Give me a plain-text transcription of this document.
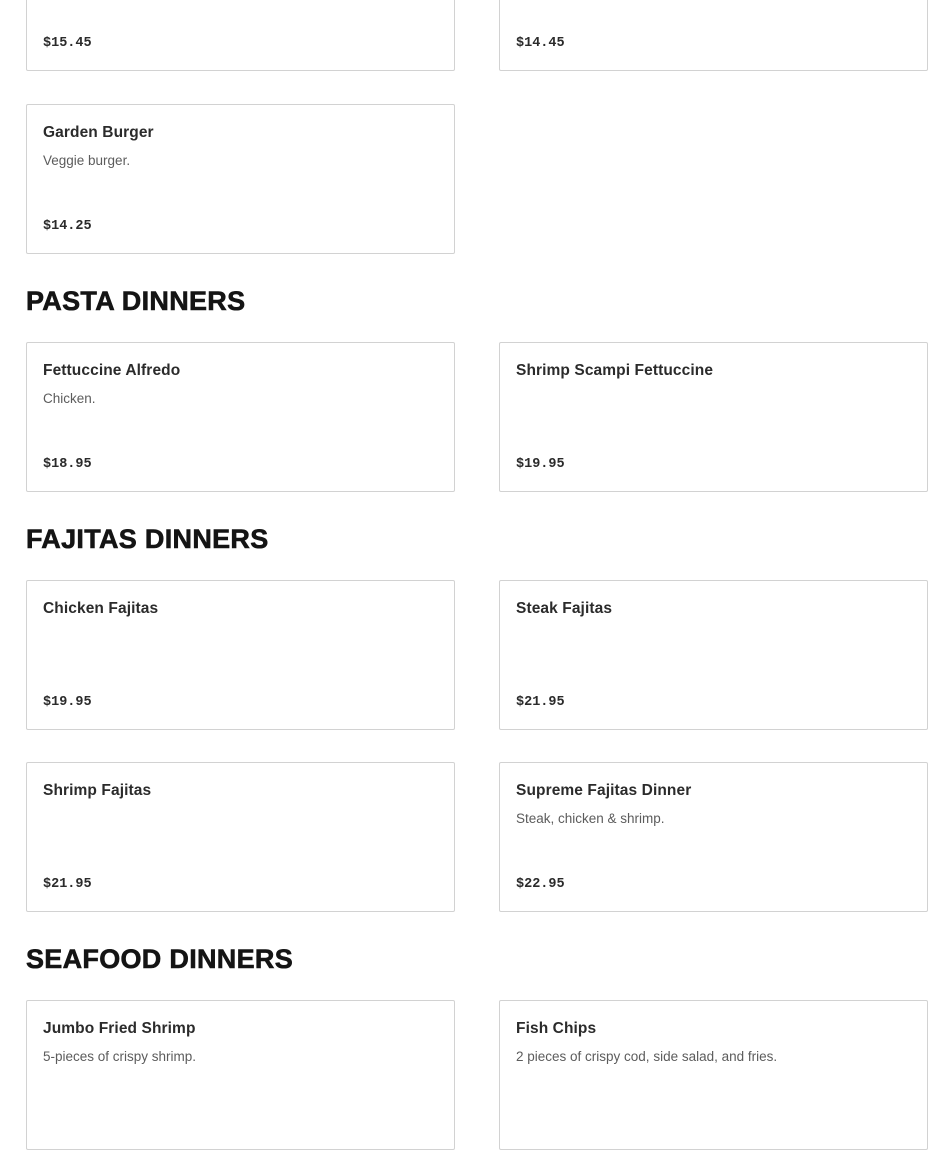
$15.45	$14.45
Garden Burger
Veggie burger.
$14.25
PASTA DINNERS
Fettuccine Alfredo
Chicken.
$18.95
Shrimp Scampi Fettuccine
$19.95
FAJITAS DINNERS
Chicken Fajitas
$19.95
Steak Fajitas
$21.95
Shrimp Fajitas
$21.95
Supreme Fajitas Dinner
Steak, chicken & shrimp.
$22.95
SEAFOOD DINNERS
Jumbo Fried Shrimp
5-pieces of crispy shrimp.
Fish Chips
2 pieces of crispy cod, side salad, and fries.
